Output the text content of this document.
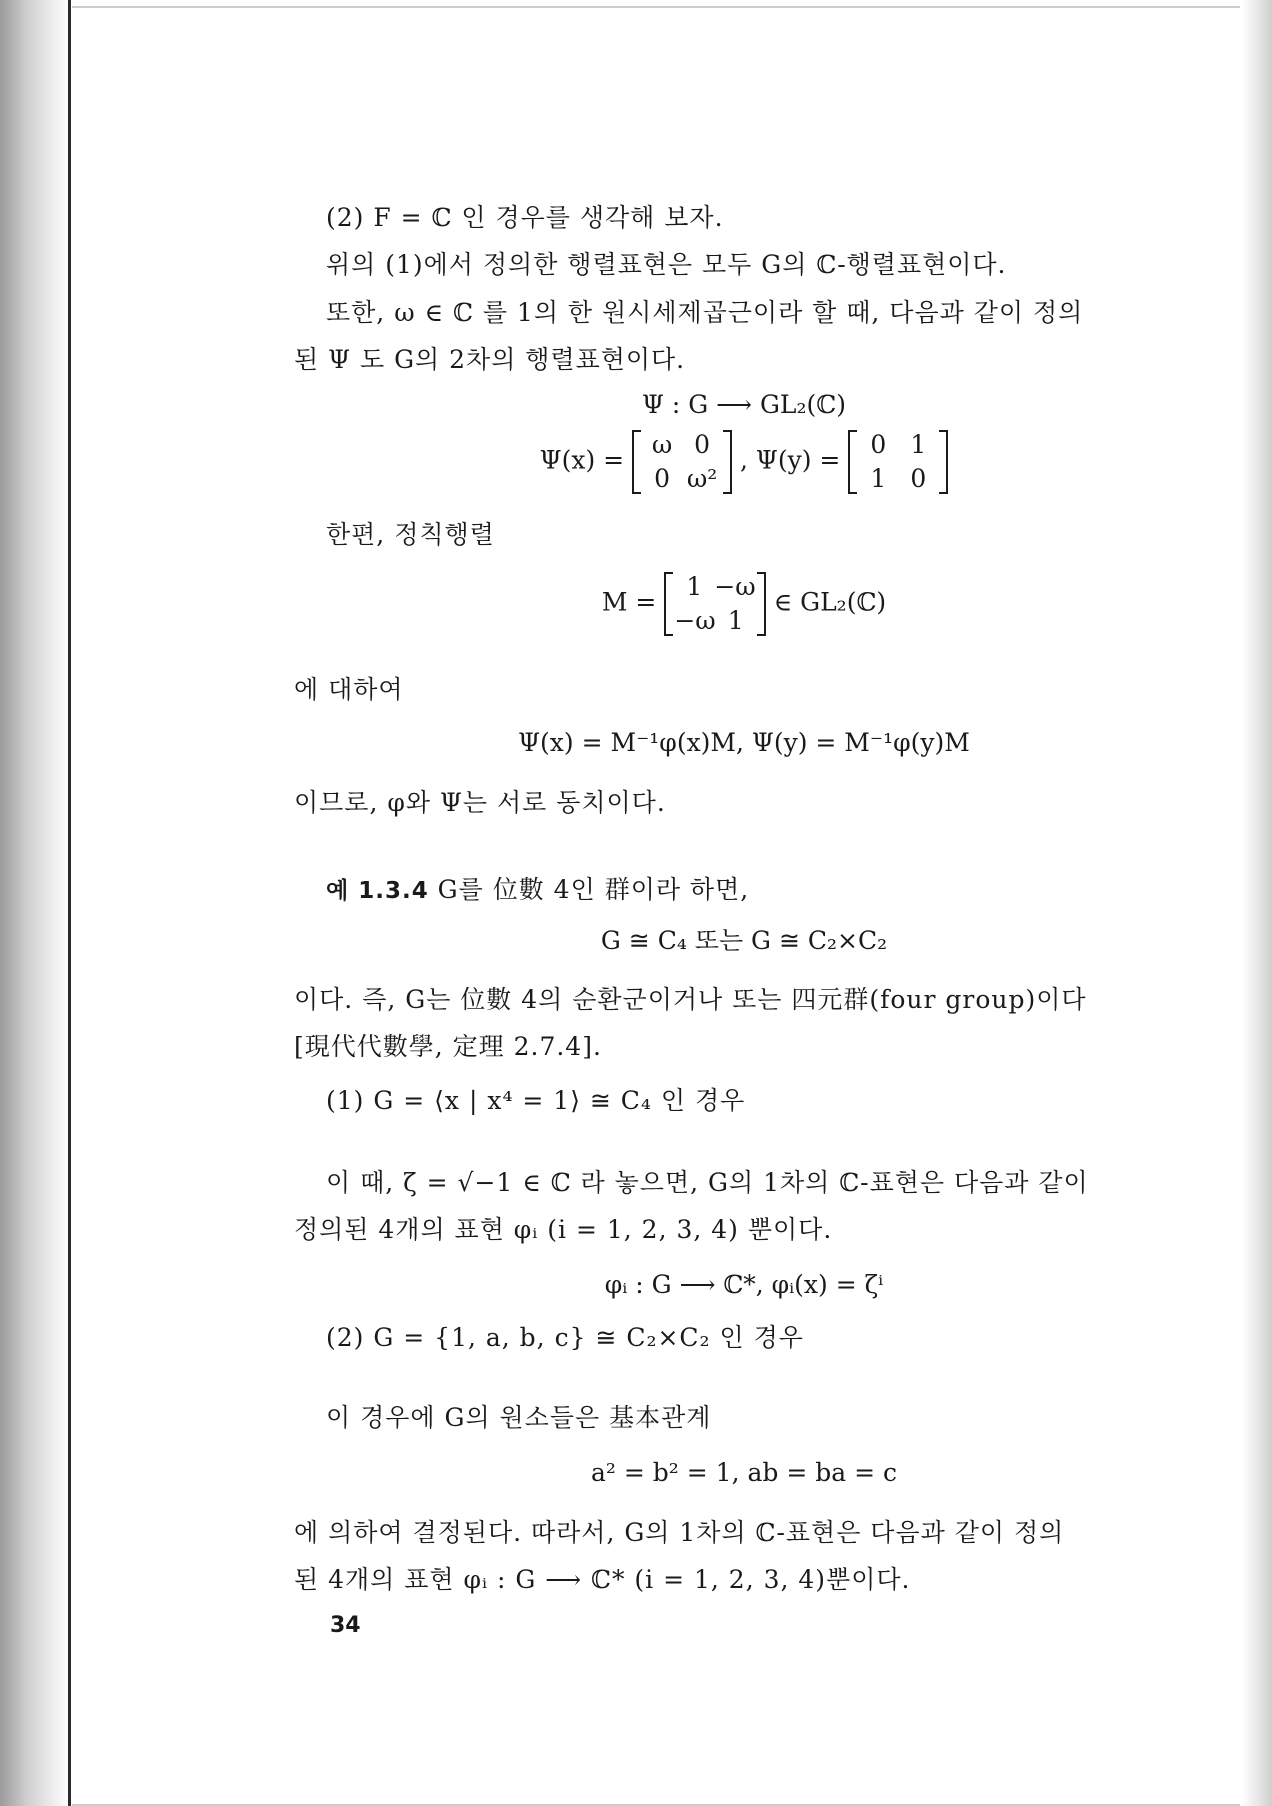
(2) F = ℂ 인 경우를 생각해 보자.
위의 (1)에서 정의한 행렬표현은 모두 G의 ℂ-행렬표현이다.
또한, ω ∈ ℂ 를 1의 한 원시세제곱근이라 할 때, 다음과 같이 정의
된 Ψ 도 G의 2차의 행렬표현이다.
Ψ : G ⟶ GL₂(ℂ)
Ψ(x) =
ω 0
0 ω²
, Ψ(y) =
0 1
1 0
한편, 정칙행렬
M =
1 −ω
−ω 1
∈ GL₂(ℂ)
에 대하여
Ψ(x) = M⁻¹φ(x)M, Ψ(y) = M⁻¹φ(y)M
이므로, φ와 Ψ는 서로 동치이다.
예 1.3.4 G를 位數 4인 群이라 하면,
G ≅ C₄ 또는 G ≅ C₂×C₂
이다. 즉, G는 位數 4의 순환군이거나 또는 四元群(four group)이다
[現代代數學, 定理 2.7.4].
(1) G = ⟨x | x⁴ = 1⟩ ≅ C₄ 인 경우
이 때, ζ = √−1 ∈ ℂ 라 놓으면, G의 1차의 ℂ-표현은 다음과 같이
정의된 4개의 표현 φᵢ (i = 1, 2, 3, 4) 뿐이다.
φᵢ : G ⟶ ℂ*, φᵢ(x) = ζⁱ
(2) G = {1, a, b, c} ≅ C₂×C₂ 인 경우
이 경우에 G의 원소들은 基本관계
a² = b² = 1, ab = ba = c
에 의하여 결정된다. 따라서, G의 1차의 ℂ-표현은 다음과 같이 정의
된 4개의 표현 φᵢ : G ⟶ ℂ* (i = 1, 2, 3, 4)뿐이다.
34
